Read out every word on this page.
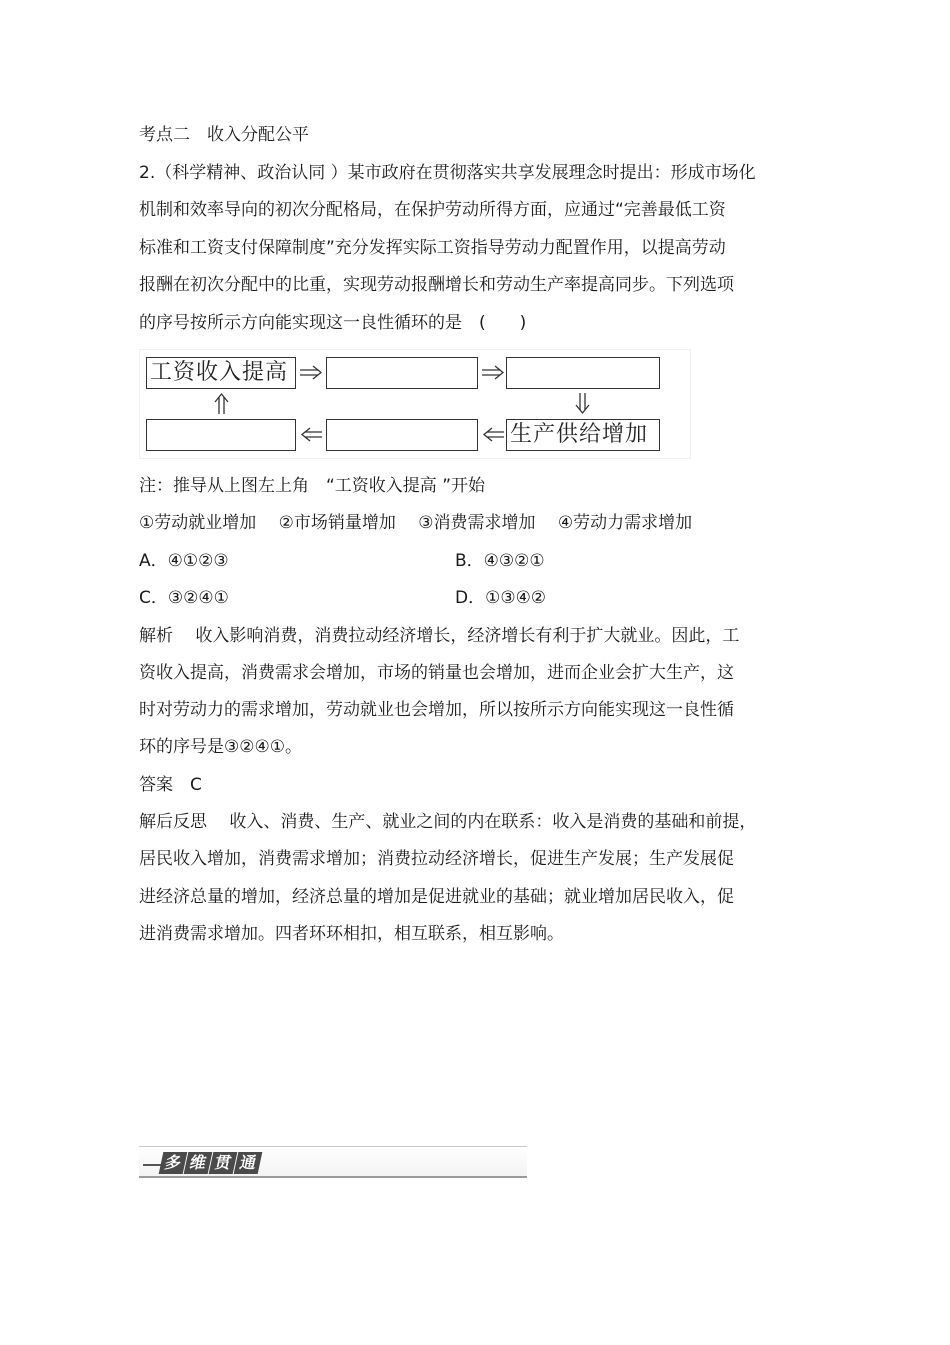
考点二　收入分配公平
2.（科学精神、政治认同 ）某市政府在贯彻落实共享发展理念时提出：形成市场化
机制和效率导向的初次分配格局，在保护劳动所得方面，应通过“完善最低工资
标准和工资支付保障制度”充分发挥实际工资指导劳动力配置作用，以提高劳动
报酬在初次分配中的比重，实现劳动报酬增长和劳动生产率提高同步。下列选项
的序号按所示方向能实现这一良性循环的是　(　　)
工资收入提高
生产供给增加
注：推导从上图左上角　“工资收入提高 ”开始
①劳动就业增加　 ②市场销量增加　 ③消费需求增加　 ④劳动力需求增加
A．④①②③	B．④③②①
C．③②④①	D．①③④②
解析　 收入影响消费，消费拉动经济增长，经济增长有利于扩大就业。因此，工
资收入提高，消费需求会增加，市场的销量也会增加，进而企业会扩大生产，这
时对劳动力的需求增加，劳动就业也会增加，所以按所示方向能实现这一良性循
环的序号是③②④①。
答案　C
解后反思　 收入、消费、生产、就业之间的内在联系：收入是消费的基础和前提，
居民收入增加，消费需求增加；消费拉动经济增长，促进生产发展；生产发展促
进经济总量的增加，经济总量的增加是促进就业的基础；就业增加居民收入，促
进消费需求增加。四者环环相扣，相互联系，相互影响。
多 维 贯 通
